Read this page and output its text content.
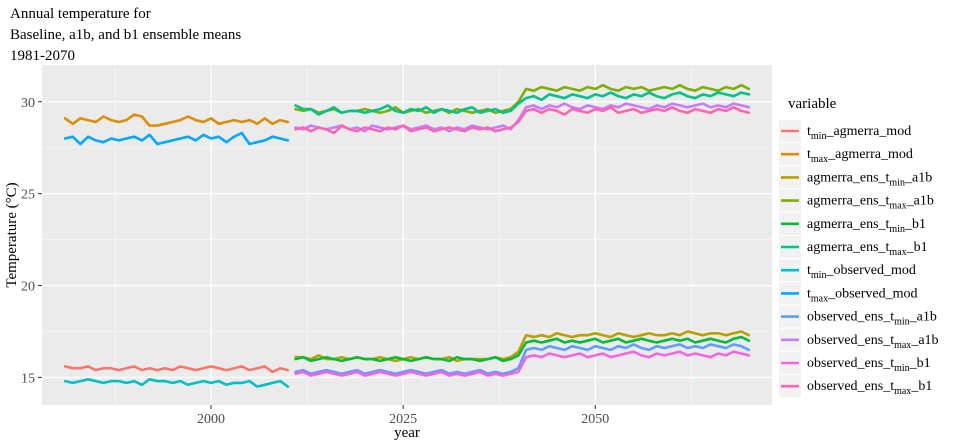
Annual temperature for
Baseline, a1b, and b1 ensemble means
1981-2070
2000	2025	2050
15
20
25
30
year
Temperature (°C)
variable
$t_{min}\_agmerra\_mod$
$t_{max}\_agmerra\_mod$
$agmerra\_ens\_t_{min}\_a1b$
$agmerra\_ens\_t_{max}\_a1b$
$agmerra\_ens\_t_{min}\_b1$
$agmerra\_ens\_t_{max}\_b1$
$t_{min}\_observed\_mod$
$t_{max}\_observed\_mod$
$observed\_ens\_t_{min}\_a1b$
$observed\_ens\_t_{max}\_a1b$
$observed\_ens\_t_{min}\_b1$
$observed\_ens\_t_{max}\_b1$
